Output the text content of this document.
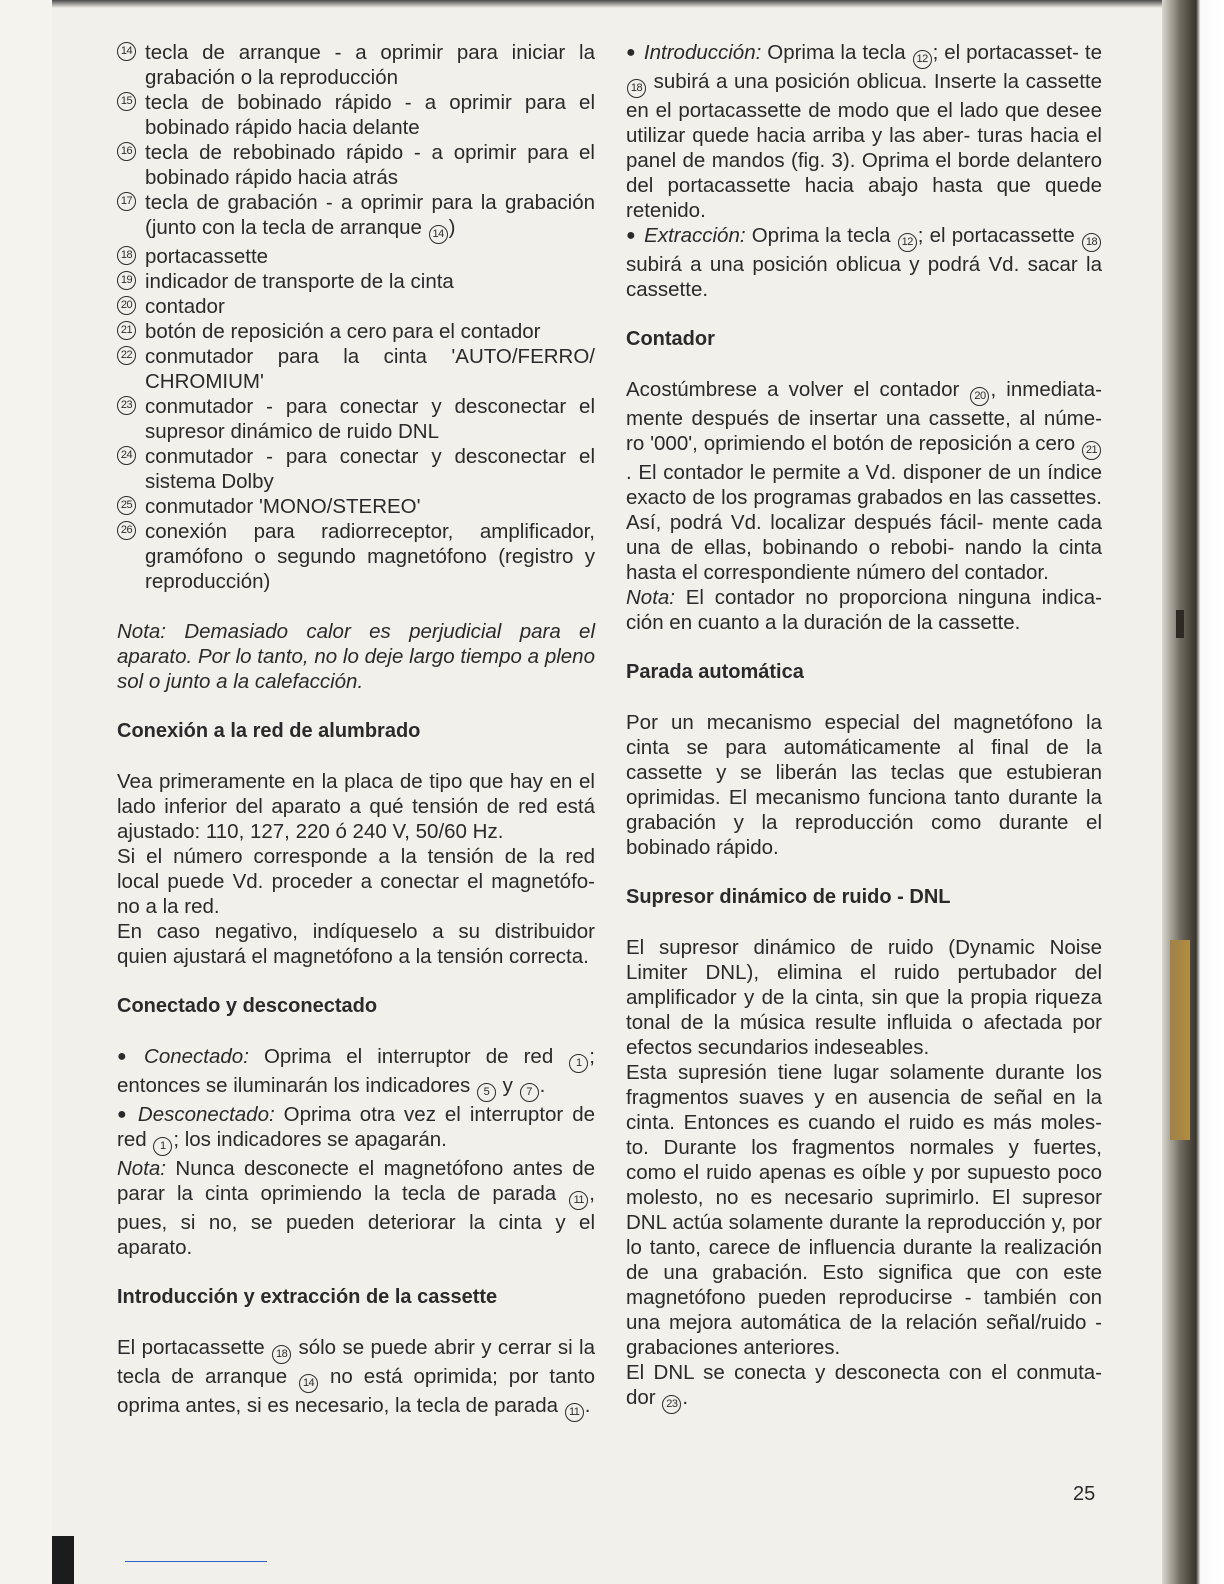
14 tecla de arranque - a oprimir para iniciar la grabación o la reproducción
15 tecla de bobinado rápido - a oprimir para el bobinado rápido hacia delante
16 tecla de rebobinado rápido - a oprimir para el bobinado rápido hacia atrás
17 tecla de grabación - a oprimir para la grabación (junto con la tecla de arranque 14 )
18 portacassette
19 indicador de transporte de la cinta
20 contador
21 botón de reposición a cero para el contador
22 conmutador para la cinta 'AUTO/FERRO/ CHROMIUM'
23 conmutador - para conectar y desconectar el supresor dinámico de ruido DNL
24 conmutador - para conectar y desconectar el sistema Dolby
25 conmutador 'MONO/STEREO'
26 conexión para radiorreceptor, amplificador, gramófono o segundo magnetófono (registro y reproducción)

Nota: Demasiado calor es perjudicial para el aparato. Por lo tanto, no lo deje largo tiempo a pleno sol o junto a la calefacción.

Conexión a la red de alumbrado

Vea primeramente en la placa de tipo que hay en el lado inferior del aparato a qué tensión de red está ajustado: 110, 127, 220 ó 240 V, 50/60 Hz.

Si el número corresponde a la tensión de la red local puede Vd. proceder a conectar el magnetófo- no a la red.

En caso negativo, indíqueselo a su distribuidor quien ajustará el magnetófono a la tensión correcta.

Conectado y desconectado

● Conectado: Oprima el interruptor de red 1 ; entonces se iluminarán los indicadores 5 y 7 .

● Desconectado: Oprima otra vez el interruptor de red 1 ; los indicadores se apagarán.

Nota: Nunca desconecte el magnetófono antes de parar la cinta oprimiendo la tecla de parada 11 , pues, si no, se pueden deteriorar la cinta y el aparato.

Introducción y extracción de la cassette

El portacassette 18 sólo se puede abrir y cerrar si la tecla de arranque 14 no está oprimida; por tanto oprima antes, si es necesario, la tecla de parada 11 .

● Introducción: Oprima la tecla 12 ; el portacasset- te 18 subirá a una posición oblicua. Inserte la cassette en el portacassette de modo que el lado que desee utilizar quede hacia arriba y las aber- turas hacia el panel de mandos (fig. 3). Oprima el borde delantero del portacassette hacia abajo hasta que quede retenido.

● Extracción: Oprima la tecla 12 ; el portacassette 18 subirá a una posición oblicua y podrá Vd. sacar la cassette.

Contador

Acostúmbrese a volver el contador 20 , inmediata- mente después de insertar una cassette, al núme- ro '000', oprimiendo el botón de reposición a cero 21. El contador le permite a Vd. disponer de un índice exacto de los programas grabados en las cassettes. Así, podrá Vd. localizar después fácil- mente cada una de ellas, bobinando o rebobi- nando la cinta hasta el correspondiente número del contador.

Nota: El contador no proporciona ninguna indica- ción en cuanto a la duración de la cassette.

Parada automática

Por un mecanismo especial del magnetófono la cinta se para automáticamente al final de la cassette y se liberán las teclas que estubieran oprimidas. El mecanismo funciona tanto durante la grabación y la reproducción como durante el bobinado rápido.

Supresor dinámico de ruido - DNL

El supresor dinámico de ruido (Dynamic Noise Limiter DNL), elimina el ruido pertubador del amplificador y de la cinta, sin que la propia riqueza tonal de la música resulte influida o afectada por efectos secundarios indeseables.

Esta supresión tiene lugar solamente durante los fragmentos suaves y en ausencia de señal en la cinta. Entonces es cuando el ruido es más moles- to. Durante los fragmentos normales y fuertes, como el ruido apenas es oíble y por supuesto poco molesto, no es necesario suprimirlo. El supresor DNL actúa solamente durante la reproducción y, por lo tanto, carece de influencia durante la realización de una grabación. Esto significa que con este magnetófono pueden reproducirse - también con una mejora automática de la relación señal/ruido - grabaciones anteriores.

El DNL se conecta y desconecta con el conmuta- dor 23 .

25
